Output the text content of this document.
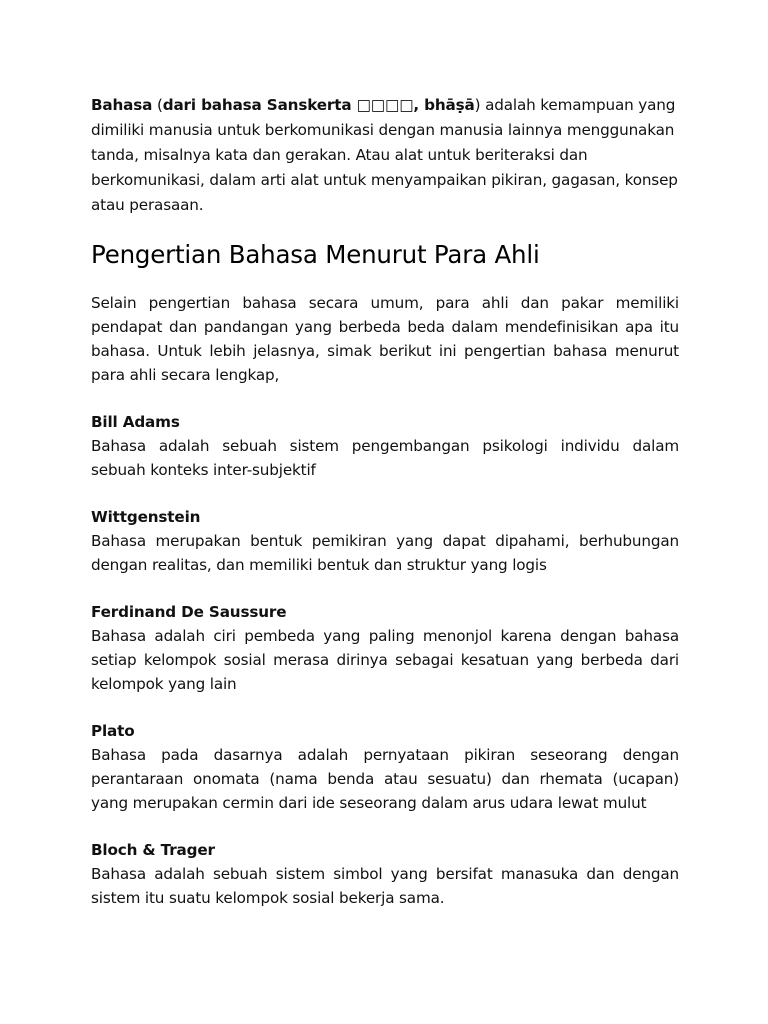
Bahasa (dari bahasa Sanskerta □□□□, bhāṣā) adalah kemampuan yang dimiliki manusia untuk berkomunikasi dengan manusia lainnya menggunakan tanda, misalnya kata dan gerakan. Atau alat untuk beriteraksi dan berkomunikasi, dalam arti alat untuk menyampaikan pikiran, gagasan, konsep atau perasaan.

Pengertian Bahasa Menurut Para Ahli

Selain pengertian bahasa secara umum, para ahli dan pakar memiliki pendapat dan pandangan yang berbeda beda dalam mendefinisikan apa itu bahasa. Untuk lebih jelasnya, simak berikut ini pengertian bahasa menurut para ahli secara lengkap,

Bill Adams

Bahasa adalah sebuah sistem pengembangan psikologi individu dalam sebuah konteks inter-subjektif

Wittgenstein

Bahasa merupakan bentuk pemikiran yang dapat dipahami, berhubungan dengan realitas, dan memiliki bentuk dan struktur yang logis

Ferdinand De Saussure

Bahasa adalah ciri pembeda yang paling menonjol karena dengan bahasa setiap kelompok sosial merasa dirinya sebagai kesatuan yang berbeda dari kelompok yang lain

Plato

Bahasa pada dasarnya adalah pernyataan pikiran seseorang dengan perantaraan onomata (nama benda atau sesuatu) dan rhemata (ucapan) yang merupakan cermin dari ide seseorang dalam arus udara lewat mulut

Bloch & Trager

Bahasa adalah sebuah sistem simbol yang bersifat manasuka dan dengan sistem itu suatu kelompok sosial bekerja sama.
